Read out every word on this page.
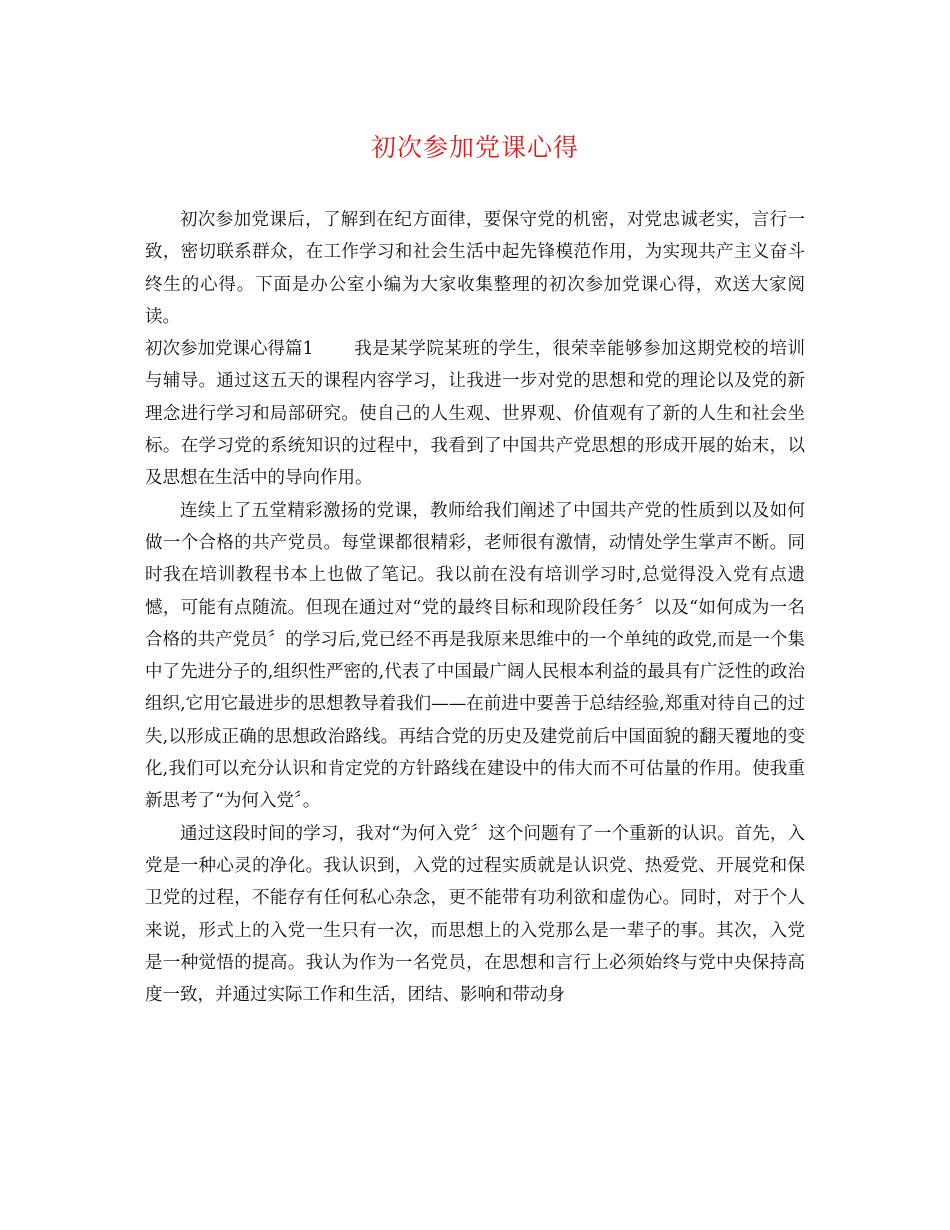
初次参加党课心得

初次参加党课后，了解到在纪方面律，要保守党的机密，对党忠诚老实，言行一致，密切联系群众，在工作学习和社会生活中起先锋模范作用，为实现共产主义奋斗终生的心得。下面是办公室小编为大家收集整理的初次参加党课心得，欢送大家阅读。

初次参加党课心得篇1 我是某学院某班的学生，很荣幸能够参加这期党校的培训与辅导。通过这五天的课程内容学习，让我进一步对党的思想和党的理论以及党的新理念进行学习和局部研究。使自己的人生观、世界观、价值观有了新的人生和社会坐标。在学习党的系统知识的过程中，我看到了中国共产党思想的形成开展的始末，以及思想在生活中的导向作用。

连续上了五堂精彩激扬的党课，教师给我们阐述了中国共产党的性质到以及如何做一个合格的共产党员。每堂课都很精彩，老师很有激情，动情处学生掌声不断。同时我在培训教程书本上也做了笔记。我以前在没有培训学习时,总觉得没入党有点遗憾，可能有点随流。但现在通过对“党的最终目标和现阶段任务〞以及“如何成为一名合格的共产党员〞的学习后,党已经不再是我原来思维中的一个单纯的政党,而是一个集中了先进分子的,组织性严密的,代表了中国最广阔人民根本利益的最具有广泛性的政治组织,它用它最进步的思想教导着我们——在前进中要善于总结经验,郑重对待自己的过失,以形成正确的思想政治路线。再结合党的历史及建党前后中国面貌的翻天覆地的变化,我们可以充分认识和肯定党的方针路线在建设中的伟大而不可估量的作用。使我重新思考了“为何入党〞。

通过这段时间的学习，我对“为何入党〞这个问题有了一个重新的认识。首先，入党是一种心灵的净化。我认识到，入党的过程实质就是认识党、热爱党、开展党和保卫党的过程，不能存有任何私心杂念，更不能带有功利欲和虚伪心。同时，对于个人来说，形式上的入党一生只有一次，而思想上的入党那么是一辈子的事。其次，入党是一种觉悟的提高。我认为作为一名党员，在思想和言行上必须始终与党中央保持高度一致，并通过实际工作和生活，团结、影响和带动身
